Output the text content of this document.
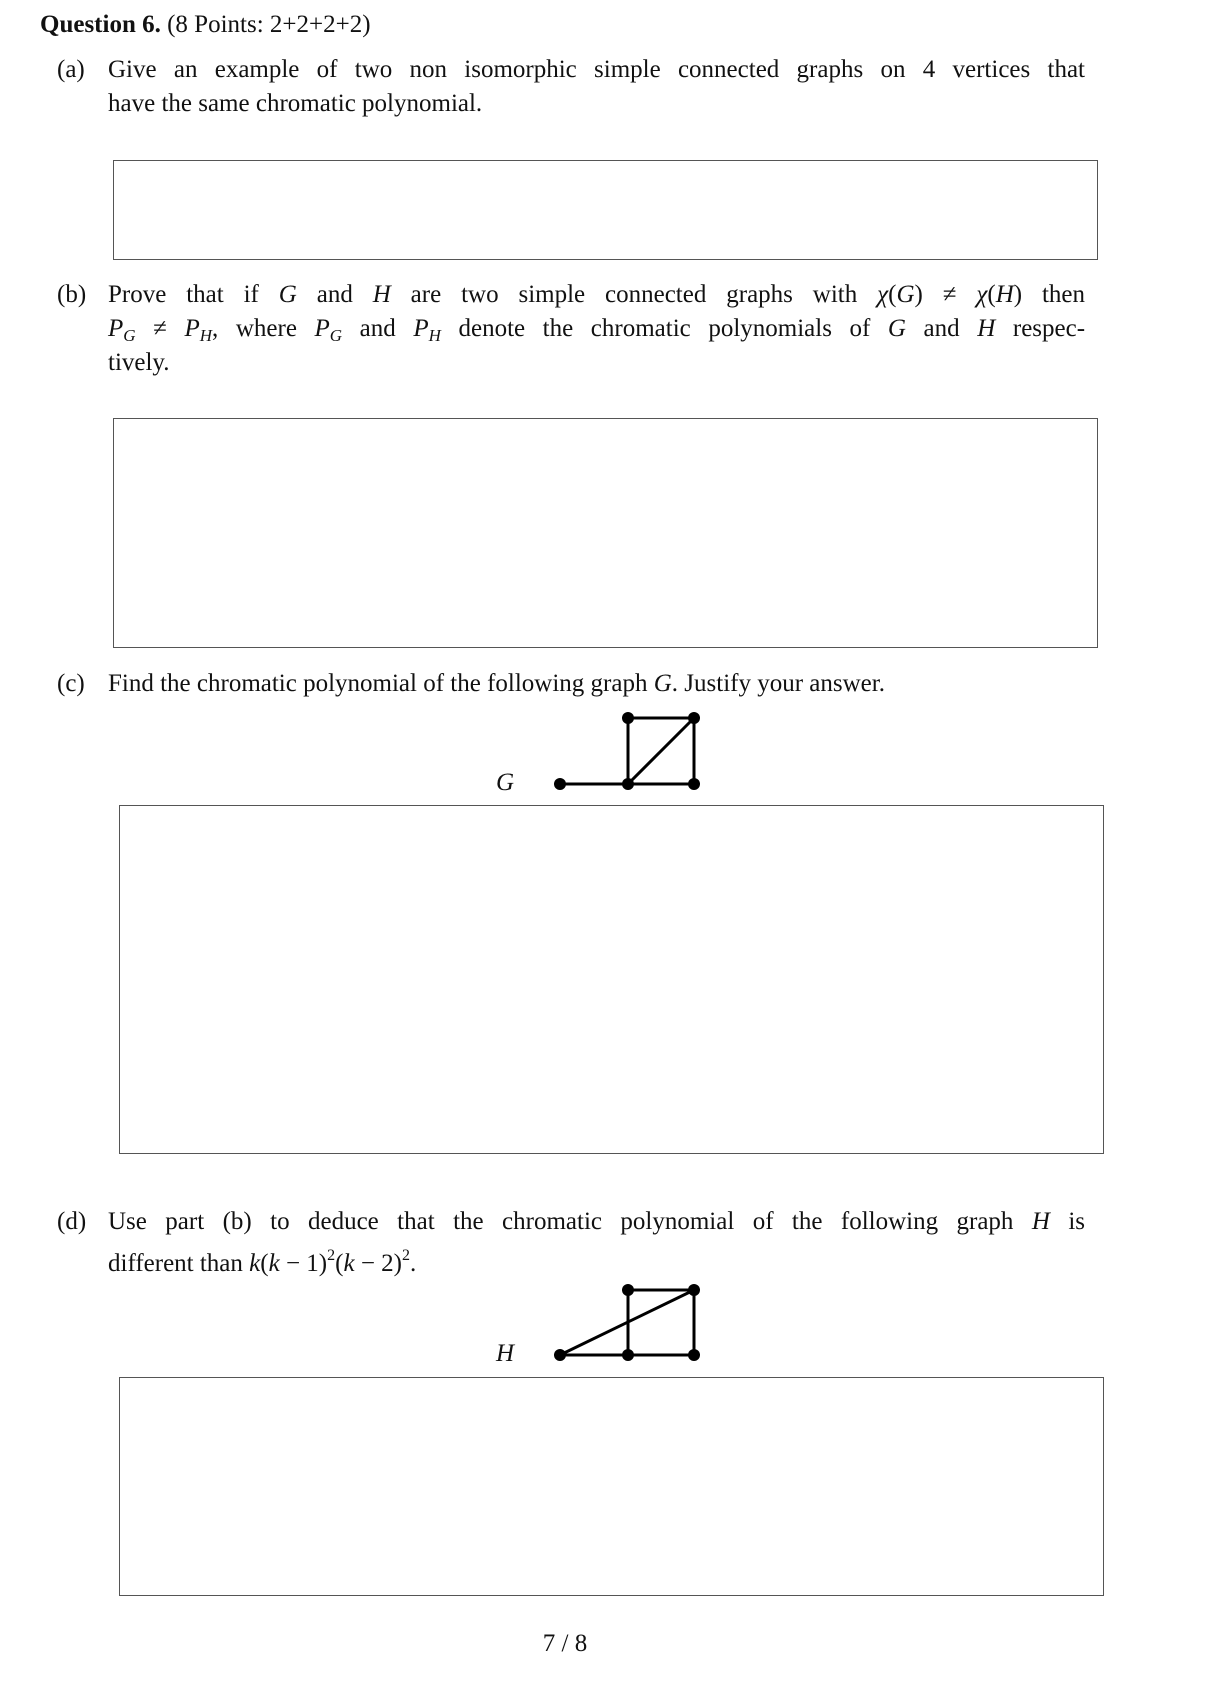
Question 6. (8 Points: 2+2+2+2)
(a) Give an example of two non isomorphic simple connected graphs on 4 vertices that
have the same chromatic polynomial.
(b) Prove that if G and H are two simple connected graphs with χ(G) ≠ χ(H) then
$P_G \ne P_H$, where $P_G$ and $P_H$ denote the chromatic polynomials of G and H respec-
tively.
(c) Find the chromatic polynomial of the following graph G. Justify your answer.
G
(d) Use part (b) to deduce that the chromatic polynomial of the following graph H is
different than $k(k - 1)^2(k - 2)^2$.
H
7 / 8
